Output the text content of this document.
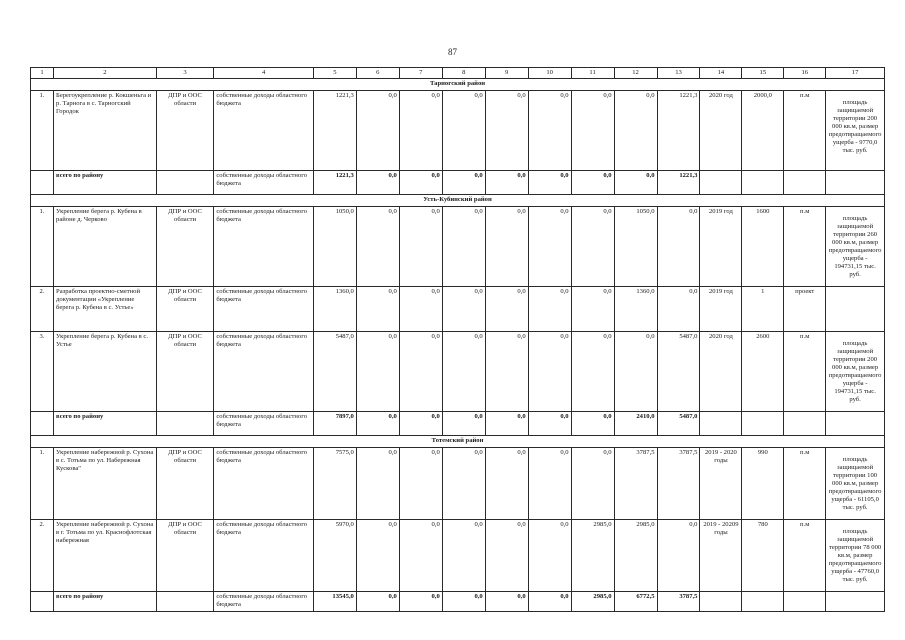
87
1	2	3	4	5	6	7	8	9	10	11	12	13	14	15	16	17
Тарногский район																
1.	Берегоукрепление р. Кокшеньга и р. Тарнога в с. Тарногский Городок	ДПР и ООС области	собственные доходы областного бюджета	1221,3	0,0	0,0	0,0	0,0	0,0	0,0	0,0	1221,3	2020 год	2000,0	п.м	площадь защищаемой территории 200 000 кв.м, размер предотвращаемого ущерба - 9770,0 тыс. руб.
	всего по району		собственные доходы областного бюджета	1221,3	0,0	0,0	0,0	0,0	0,0	0,0	0,0	1221,3				
Усть-Кубинский район																
1.	Укрепление берега р. Кубена в районе д. Черково	ДПР и ООС области	собственные доходы областного бюджета	1050,0	0,0	0,0	0,0	0,0	0,0	0,0	1050,0	0,0	2019 год	1600	п.м	площадь защищаемой территории 260 000 кв.м, размер предотвращаемого ущерба - 194731,15 тыс. руб.
2.	Разработка проектно-сметной документации «Укрепление берега р. Кубена в с. Устье»	ДПР и ООС области	собственные доходы областного бюджета	1360,0	0,0	0,0	0,0	0,0	0,0	0,0	1360,0	0,0	2019 год	1	проект	
3.	Укрепление берега р. Кубена в с. Устье	ДПР и ООС области	собственные доходы областного бюджета	5487,0	0,0	0,0	0,0	0,0	0,0	0,0	0,0	5487,0	2020 год	2600	п.м	площадь защищаемой территории 200 000 кв.м, размер предотвращаемого ущерба - 194731,15 тыс. руб.
	всего по району		собственные доходы областного бюджета	7897,0	0,0	0,0	0,0	0,0	0,0	0,0	2410,0	5487,0				
Тотемский район																
1.	Укрепление набережной р. Сухона в с. Тотьма по ул. Набережная Кускова"	ДПР и ООС области	собственные доходы областного бюджета	7575,0	0,0	0,0	0,0	0,0	0,0	0,0	3787,5	3787,5	2019 - 2020 годы	990	п.м	площадь защищаемой территории 100 000 кв.м, размер предотвращаемого ущерба - 61105,0 тыс. руб.
2.	Укрепление набережной р. Сухона в г. Тотьма по ул. Краснофлотская набережная	ДПР и ООС области	собственные доходы областного бюджета	5970,0	0,0	0,0	0,0	0,0	0,0	2985,0	2985,0	0,0	2019 - 20209 годы	780	п.м	площадь защищаемой территории 78 000 кв.м, размер предотвращаемого ущерба - 47760,0 тыс. руб.
	всего по району		собственные доходы областного бюджета	13545,0	0,0	0,0	0,0	0,0	0,0	2985,0	6772,5	3787,5				
